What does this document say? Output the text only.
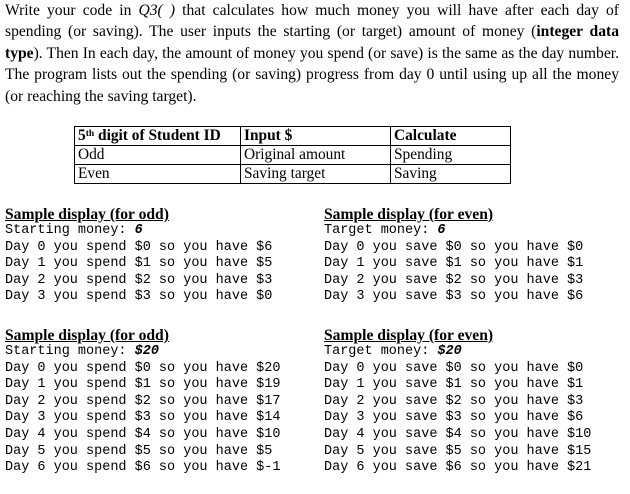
Write your code in Q3( ) that calculates how much money you will have after each day of spending (or saving). The user inputs the starting (or target) amount of money (integer data type). Then In each day, the amount of money you spend (or save) is the same as the day number. The program lists out the spending (or saving) progress from day 0 until using up all the money (or reaching the saving target).
5th digit of Student ID	Input $	Calculate
Odd	Original amount	Spending
Even	Saving target	Saving
Sample display (for odd)
Starting money: 6
Day 0 you spend $0 so you have $6
Day 1 you spend $1 so you have $5
Day 2 you spend $2 so you have $3
Day 3 you spend $3 so you have $0
Sample display (for even)
Target money: 6
Day 0 you save $0 so you have $0
Day 1 you save $1 so you have $1
Day 2 you save $2 so you have $3
Day 3 you save $3 so you have $6
Sample display (for odd)
Starting money: $20
Day 0 you spend $0 so you have $20
Day 1 you spend $1 so you have $19
Day 2 you spend $2 so you have $17
Day 3 you spend $3 so you have $14
Day 4 you spend $4 so you have $10
Day 5 you spend $5 so you have $5
Day 6 you spend $6 so you have $-1
Sample display (for even)
Target money: $20
Day 0 you save $0 so you have $0
Day 1 you save $1 so you have $1
Day 2 you save $2 so you have $3
Day 3 you save $3 so you have $6
Day 4 you save $4 so you have $10
Day 5 you save $5 so you have $15
Day 6 you save $6 so you have $21
